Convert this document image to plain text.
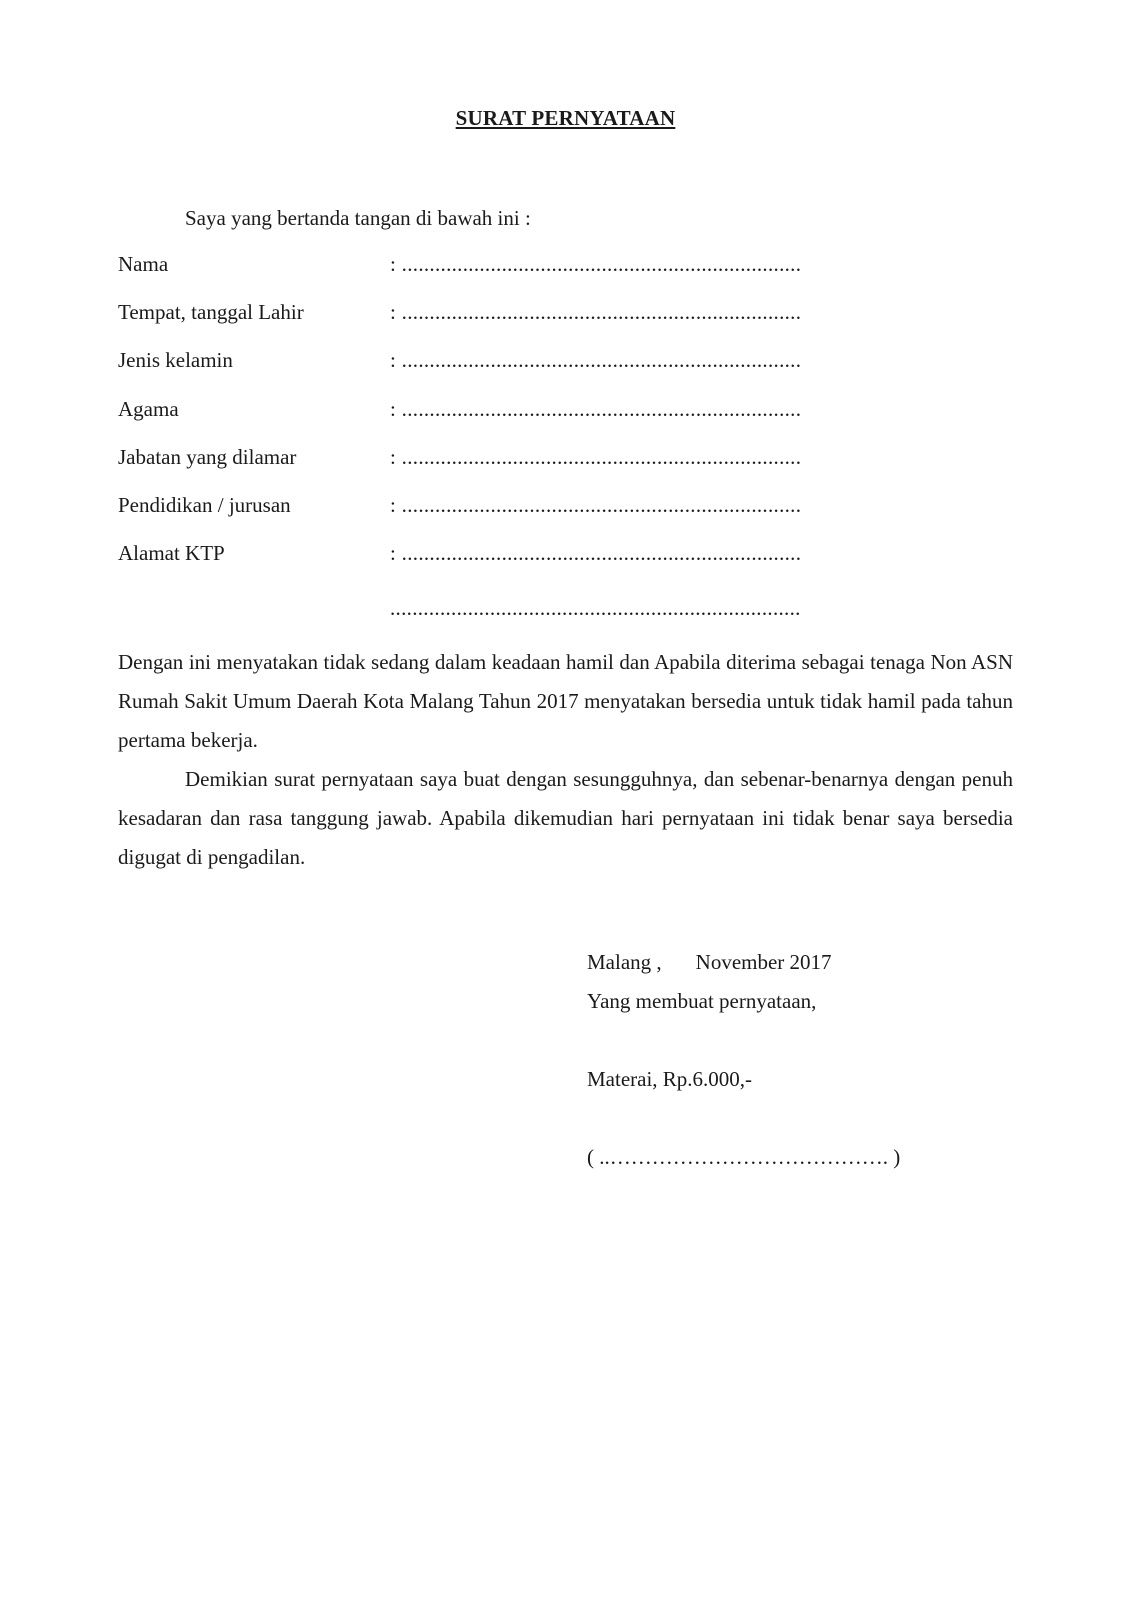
SURAT PERNYATAAN
Saya yang bertanda tangan di bawah ini :
Nama	: ........................................................................
Tempat, tanggal Lahir	: ........................................................................
Jenis kelamin	: ........................................................................
Agama	: ........................................................................
Jabatan yang dilamar	: ........................................................................
Pendidikan / jurusan	: ........................................................................
Alamat KTP	: ........................................................................
..........................................................................
Dengan ini menyatakan tidak sedang dalam keadaan hamil dan Apabila diterima sebagai tenaga Non ASN Rumah Sakit Umum Daerah Kota Malang Tahun 2017 menyatakan bersedia untuk tidak hamil pada tahun pertama bekerja.
Demikian surat pernyataan saya buat dengan sesungguhnya, dan sebenar-benarnya dengan penuh kesadaran dan rasa tanggung jawab. Apabila dikemudian hari pernyataan ini tidak benar saya bersedia digugat di pengadilan.
Malang , November 2017
Yang membuat pernyataan,
Materai, Rp.6.000,-
( ..…………………………………. )
